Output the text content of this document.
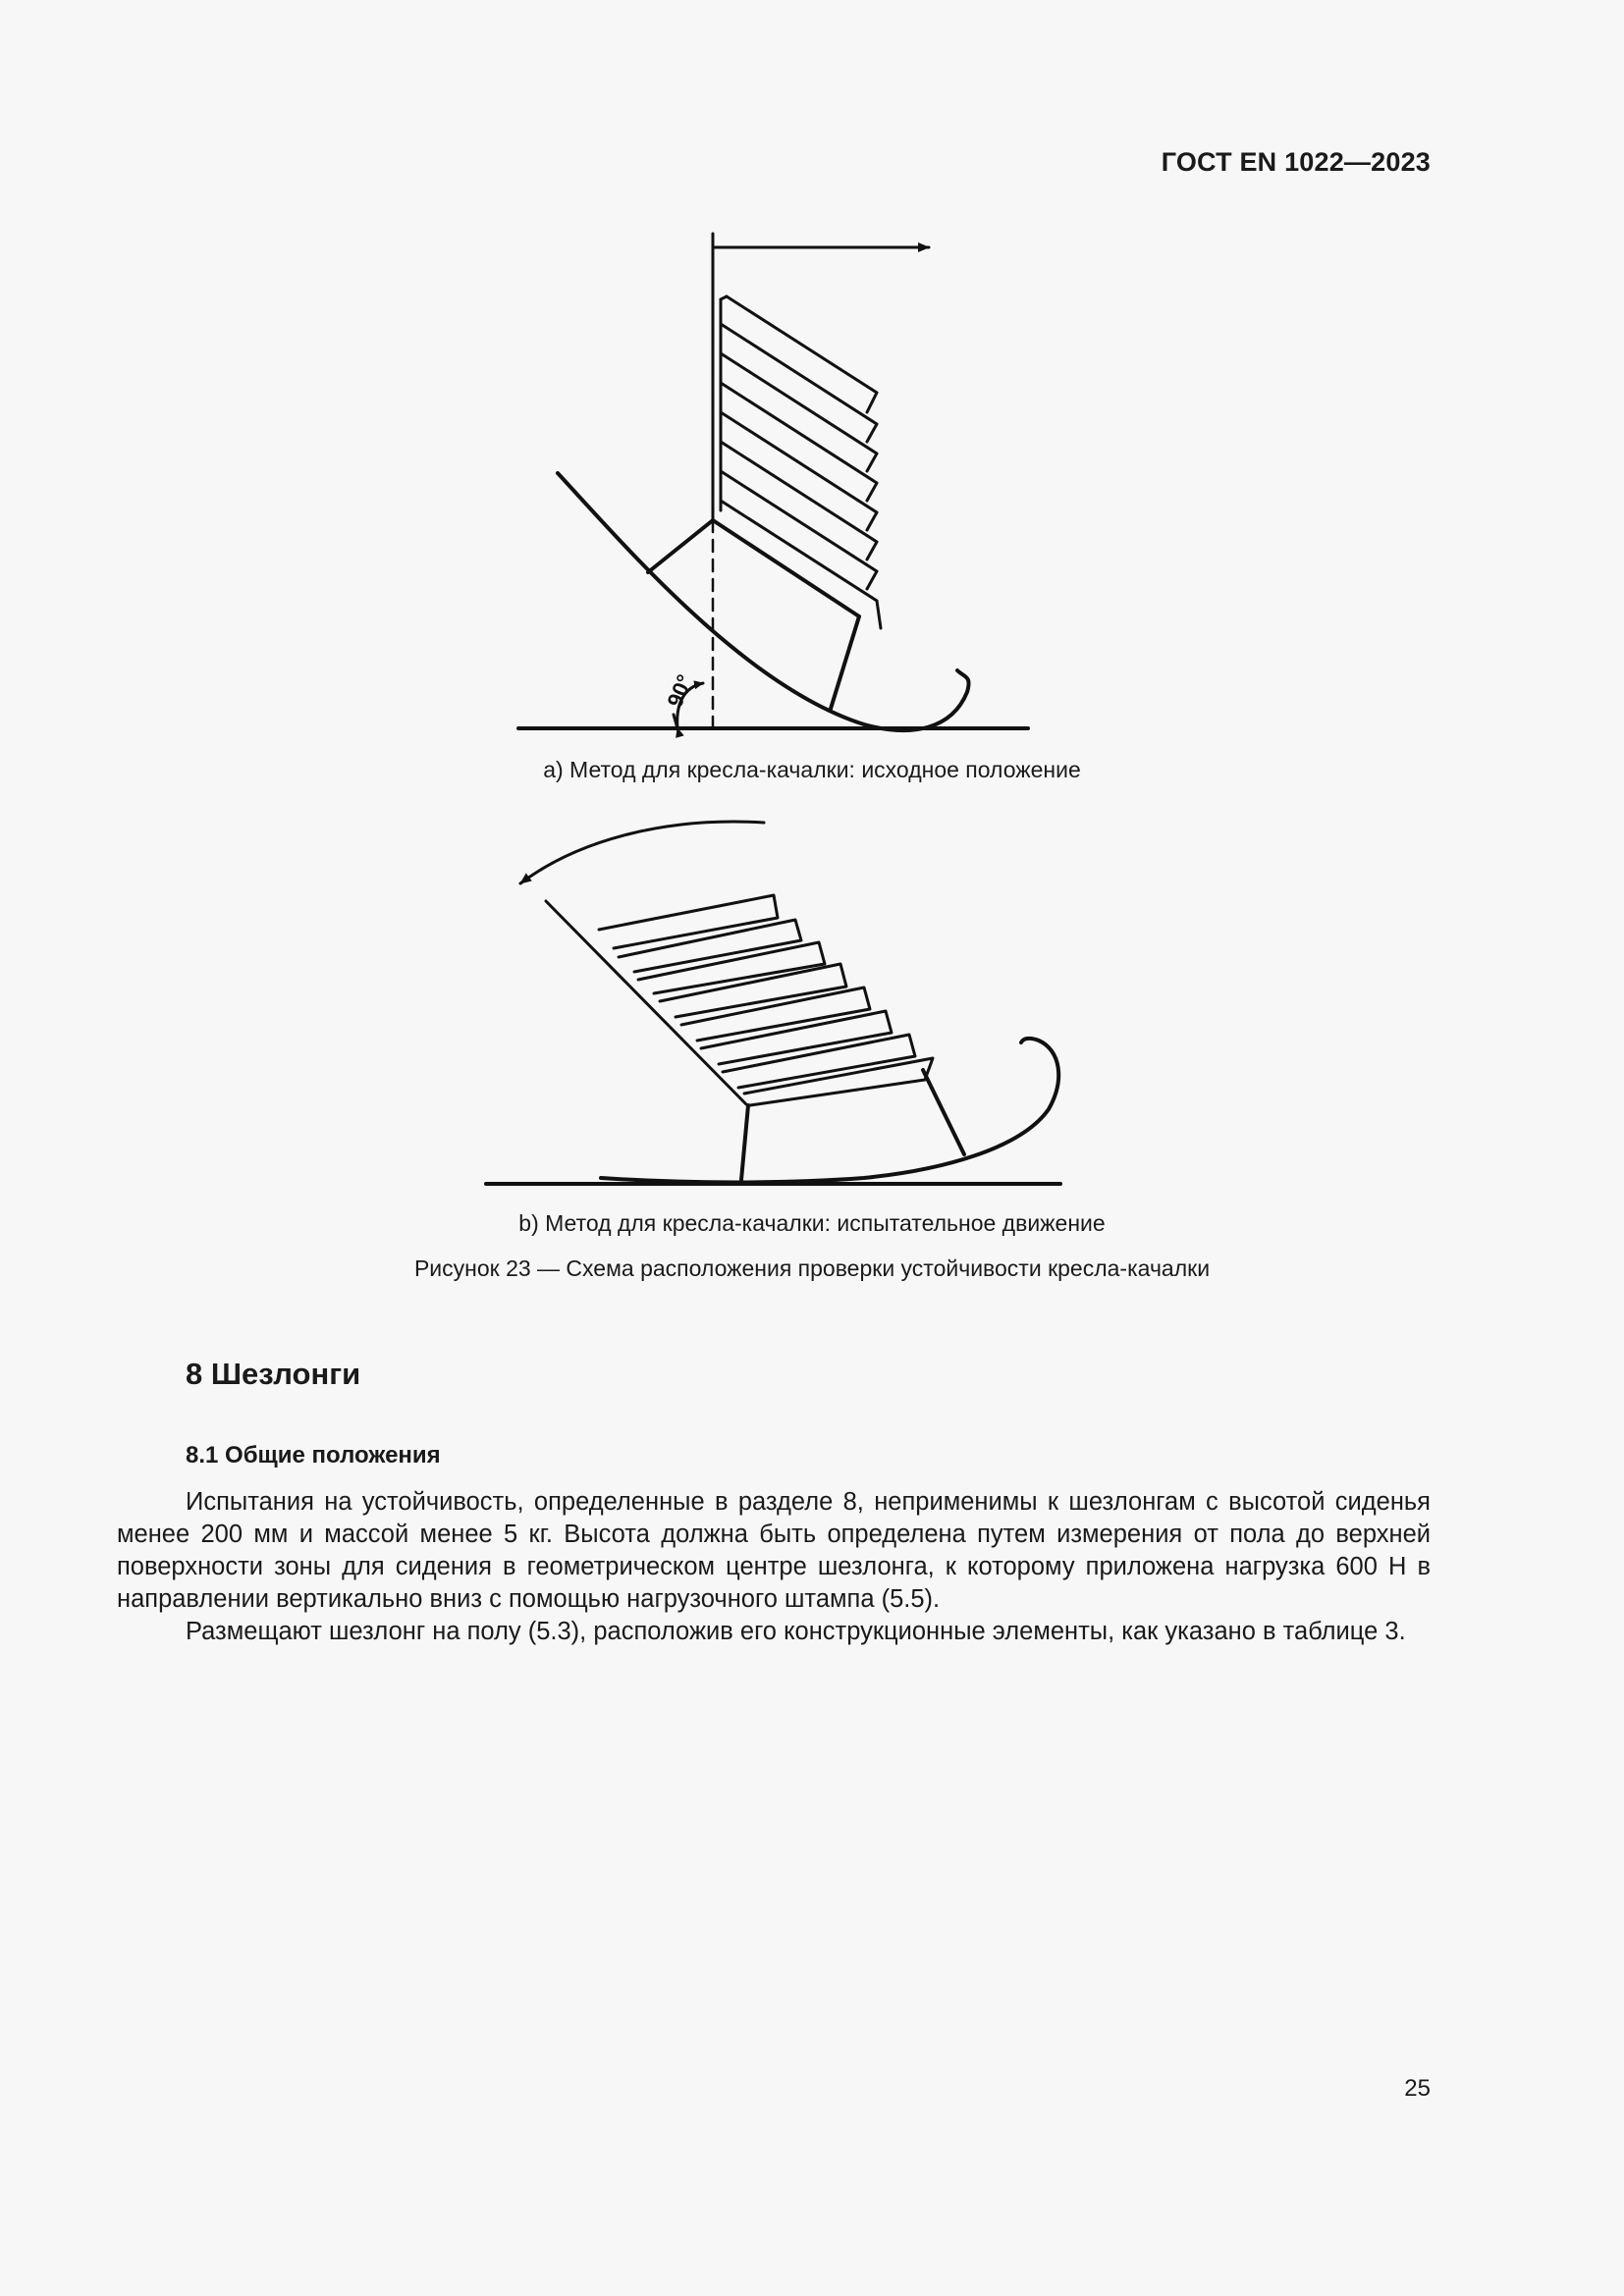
ГОСТ EN 1022—2023
90°
a) Метод для кресла-качалки: исходное положение
b) Метод для кресла-качалки: испытательное движение
Рисунок 23 — Схема расположения проверки устойчивости кресла-качалки
8 Шезлонги
8.1 Общие положения

Испытания на устойчивость, определенные в разделе 8, неприменимы к шезлонгам с высотой сиденья менее 200 мм и массой менее 5 кг. Высота должна быть определена путем измерения от пола до верхней поверхности зоны для сидения в геометрическом центре шезлонга, к которому приложена нагрузка 600 Н в направлении вертикально вниз с помощью нагрузочного штампа (5.5).

Размещают шезлонг на полу (5.3), расположив его конструкционные элементы, как указано в таблице 3.

25
